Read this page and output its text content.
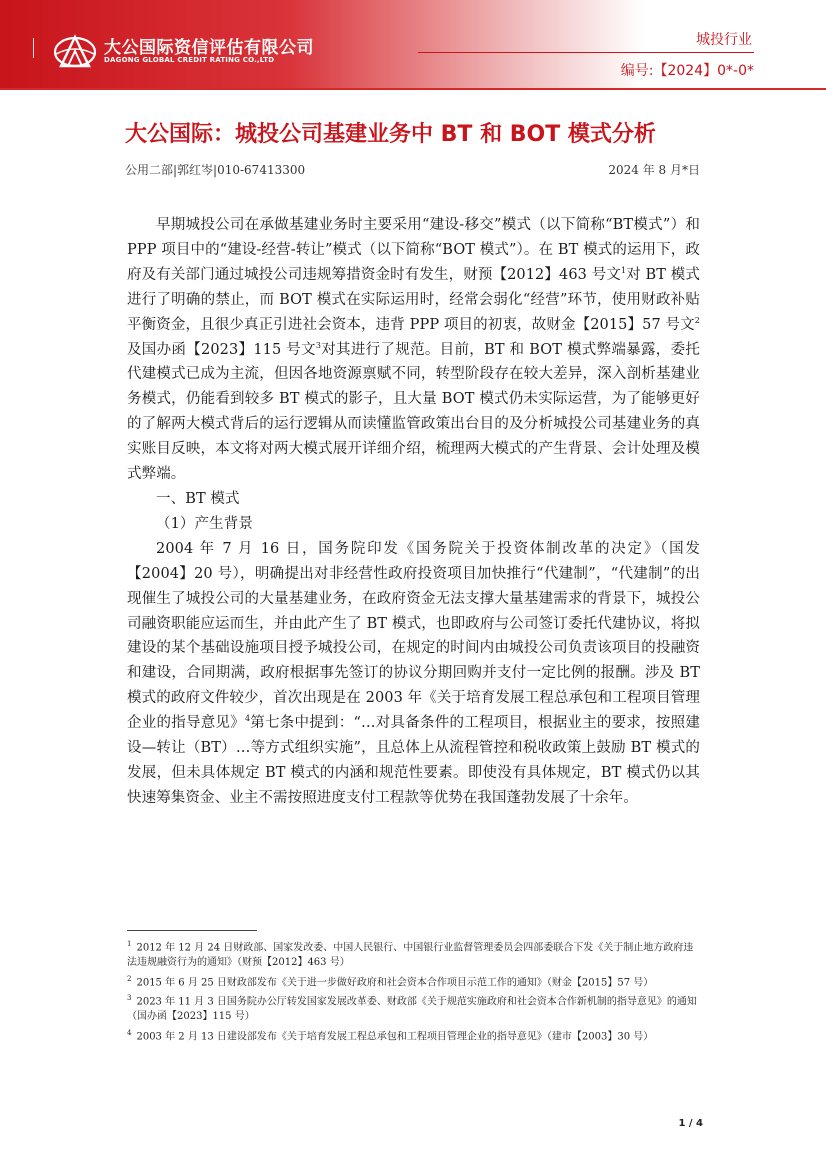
大公国际资信评估有限公司
DAGONG GLOBAL CREDIT RATING CO.,LTD
城投行业
编号:【2024】0*-0*
大公国际：城投公司基建业务中 BT 和 BOT 模式分析
公用二部|郭红岑|010-67413300	2024 年 8 月*日

早期城投公司在承做基建业务时主要采用“建设-移交”模式（以下简称“BT模式”）和 PPP 项目中的“建设-经营-转让”模式（以下简称“BOT 模式”）。在 BT 模式的运用下，政府及有关部门通过城投公司违规筹措资金时有发生，财预【2012】463 号文$^1$对 BT 模式进行了明确的禁止，而 BOT 模式在实际运用时，经常会弱化“经营”环节，使用财政补贴平衡资金，且很少真正引进社会资本，违背 PPP 项目的初衷，故财金【2015】57 号文$^2$及国办函【2023】115 号文$^3$对其进行了规范。目前，BT 和 BOT 模式弊端暴露，委托代建模式已成为主流，但因各地资源禀赋不同，转型阶段存在较大差异，深入剖析基建业务模式，仍能看到较多 BT 模式的影子，且大量 BOT 模式仍未实际运营，为了能够更好的了解两大模式背后的运行逻辑从而读懂监管政策出台目的及分析城投公司基建业务的真实账目反映，本文将对两大模式展开详细介绍，梳理两大模式的产生背景、会计处理及模式弊端。

一、BT 模式

（1）产生背景

2004 年 7 月 16 日，国务院印发《国务院关于投资体制改革的决定》（国发【2004】20 号），明确提出对非经营性政府投资项目加快推行“代建制”，“代建制”的出现催生了城投公司的大量基建业务，在政府资金无法支撑大量基建需求的背景下，城投公司融资职能应运而生，并由此产生了 BT 模式，也即政府与公司签订委托代建协议，将拟建设的某个基础设施项目授予城投公司，在规定的时间内由城投公司负责该项目的投融资和建设，合同期满，政府根据事先签订的协议分期回购并支付一定比例的报酬。涉及 BT 模式的政府文件较少，首次出现是在 2003 年《关于培育发展工程总承包和工程项目管理企业的指导意见》$^4$第七条中提到：“…对具备条件的工程项目，根据业主的要求，按照建设—转让（BT）…等方式组织实施”，且总体上从流程管控和税收政策上鼓励 BT 模式的发展，但未具体规定 BT 模式的内涵和规范性要素。即使没有具体规定，BT 模式仍以其快速筹集资金、业主不需按照进度支付工程款等优势在我国蓬勃发展了十余年。

$^1$ 2012 年 12 月 24 日财政部、国家发改委、中国人民银行、中国银行业监督管理委员会四部委联合下发《关于制止地方政府违法违规融资行为的通知》（财预【2012】463 号）

$^2$ 2015 年 6 月 25 日财政部发布《关于进一步做好政府和社会资本合作项目示范工作的通知》（财金【2015】57 号）

$^3$ 2023 年 11 月 3 日国务院办公厅转发国家发展改革委、财政部《关于规范实施政府和社会资本合作新机制的指导意见》的通知（国办函【2023】115 号）

$^4$ 2003 年 2 月 13 日建设部发布《关于培育发展工程总承包和工程项目管理企业的指导意见》（建市【2003】30 号）

1 / 4
